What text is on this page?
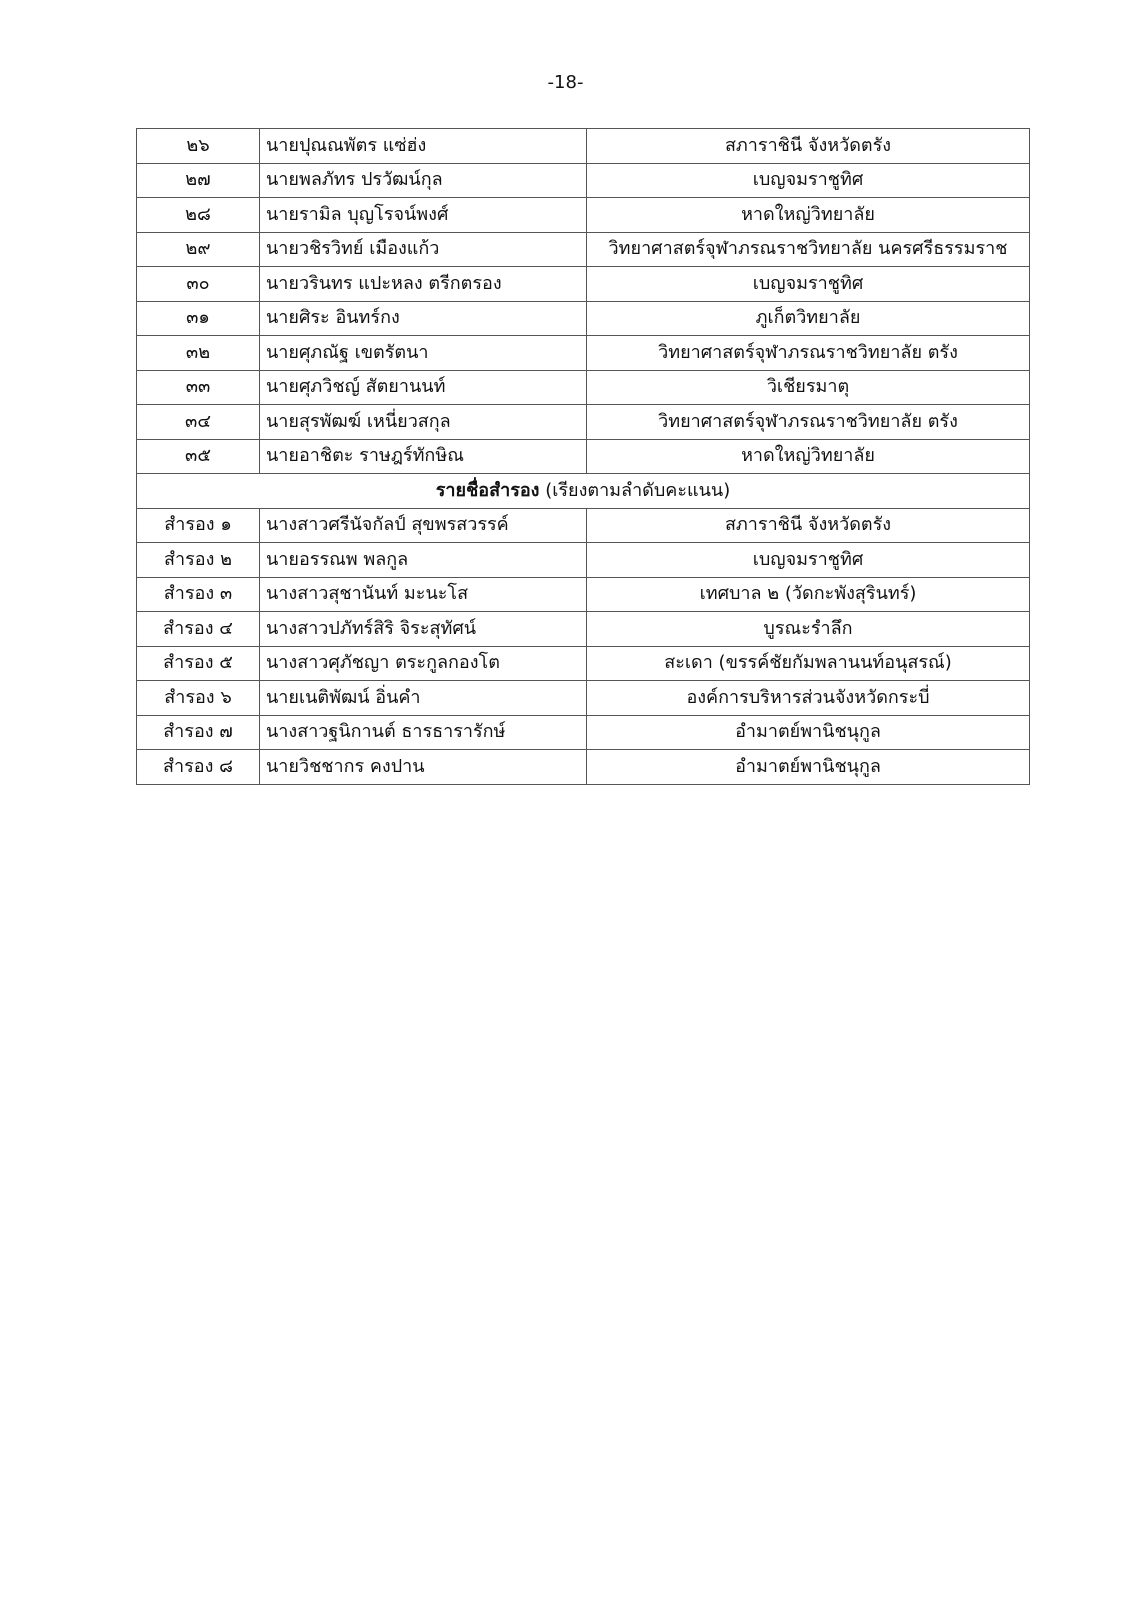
-18-
๒๖	นายปุณณพัตร แซ่ฮ่ง	สภาราชินี จังหวัดตรัง
๒๗	นายพลภัทร ปรวัฒน์กุล	เบญจมราชูทิศ
๒๘	นายรามิล บุญโรจน์พงศ์	หาดใหญ่วิทยาลัย
๒๙	นายวชิรวิทย์ เมืองแก้ว	วิทยาศาสตร์จุฬาภรณราชวิทยาลัย นครศรีธรรมราช
๓๐	นายวรินทร แปะหลง ตรีกตรอง	เบญจมราชูทิศ
๓๑	นายศิระ อินทร์กง	ภูเก็ตวิทยาลัย
๓๒	นายศุภณัฐ เขตรัตนา	วิทยาศาสตร์จุฬาภรณราชวิทยาลัย ตรัง
๓๓	นายศุภวิชญ์ สัตยานนท์	วิเชียรมาตุ
๓๔	นายสุรพัฒฆ์ เหนี่ยวสกุล	วิทยาศาสตร์จุฬาภรณราชวิทยาลัย ตรัง
๓๕	นายอาชิตะ ราษฎร์ทักษิณ	หาดใหญ่วิทยาลัย
รายชื่อสำรอง (เรียงตามลำดับคะแนน)		
สำรอง ๑	นางสาวศรีนัจกัลป์ สุขพรสวรรค์	สภาราชินี จังหวัดตรัง
สำรอง ๒	นายอรรณพ พลกูล	เบญจมราชูทิศ
สำรอง ๓	นางสาวสุชานันท์ มะนะโส	เทศบาล ๒ (วัดกะพังสุรินทร์)
สำรอง ๔	นางสาวปภัทร์สิริ จิระสุทัศน์	บูรณะรำลึก
สำรอง ๕	นางสาวศุภัชญา ตระกูลกองโต	สะเดา (ขรรค์ชัยกัมพลานนท์อนุสรณ์)
สำรอง ๖	นายเนติพัฒน์ อิ่นคำ	องค์การบริหารส่วนจังหวัดกระบี่
สำรอง ๗	นางสาวฐนิกานต์ ธารธารารักษ์	อำมาตย์พานิชนุกูล
สำรอง ๘	นายวิชชากร คงปาน	อำมาตย์พานิชนุกูล
